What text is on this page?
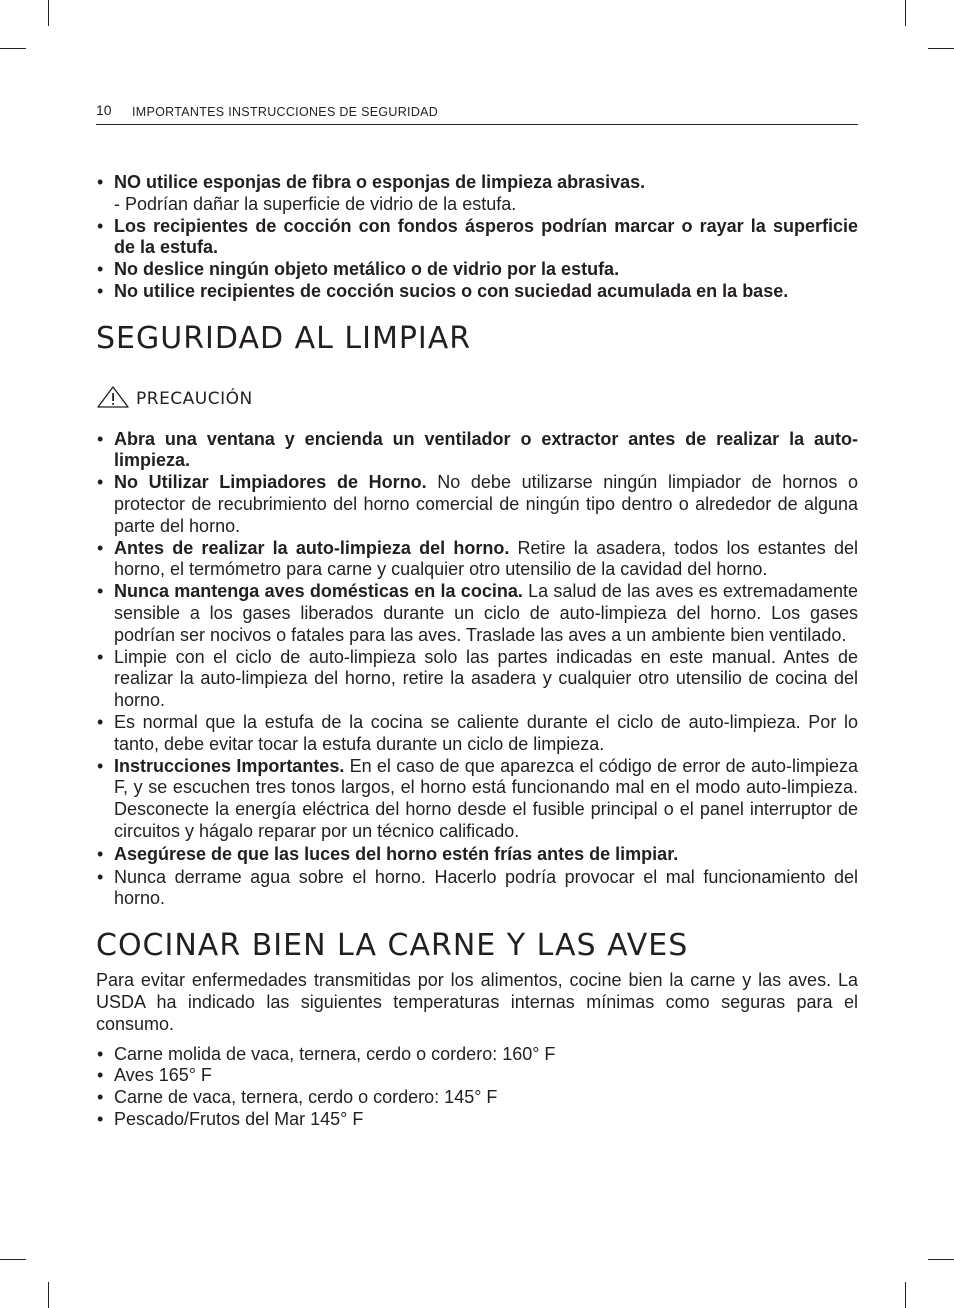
10 IMPORTANTES INSTRUCCIONES DE SEGURIDAD
• NO utilice esponjas de fibra o esponjas de limpieza abrasivas.
- Podrían dañar la superficie de vidrio de la estufa.
• Los recipientes de cocción con fondos ásperos podrían marcar o rayar la superficie de la estufa.
• No deslice ningún objeto metálico o de vidrio por la estufa.
• No utilice recipientes de cocción sucios o con suciedad acumulada en la base.
SEGURIDAD AL LIMPIAR
PRECAUCIÓN
• Abra una ventana y encienda un ventilador o extractor antes de realizar la auto-limpieza.
• No Utilizar Limpiadores de Horno. No debe utilizarse ningún limpiador de hornos o protector de recubrimiento del horno comercial de ningún tipo dentro o alrededor de alguna parte del horno.
• Antes de realizar la auto-limpieza del horno. Retire la asadera, todos los estantes del horno, el termómetro para carne y cualquier otro utensilio de la cavidad del horno.
• Nunca mantenga aves domésticas en la cocina. La salud de las aves es extremadamente sensible a los gases liberados durante un ciclo de auto-limpieza del horno. Los gases podrían ser nocivos o fatales para las aves. Traslade las aves a un ambiente bien ventilado.
• Limpie con el ciclo de auto-limpieza solo las partes indicadas en este manual. Antes de realizar la auto-limpieza del horno, retire la asadera y cualquier otro utensilio de cocina del horno.
• Es normal que la estufa de la cocina se caliente durante el ciclo de auto-limpieza. Por lo tanto, debe evitar tocar la estufa durante un ciclo de limpieza.
• Instrucciones Importantes. En el caso de que aparezca el código de error de auto-limpieza F, y se escuchen tres tonos largos, el horno está funcionando mal en el modo auto-limpieza. Desconecte la energía eléctrica del horno desde el fusible principal o el panel interruptor de circuitos y hágalo reparar por un técnico calificado.
• Asegúrese de que las luces del horno estén frías antes de limpiar.
• Nunca derrame agua sobre el horno. Hacerlo podría provocar el mal funcionamiento del horno.
COCINAR BIEN LA CARNE Y LAS AVES

Para evitar enfermedades transmitidas por los alimentos, cocine bien la carne y las aves. La USDA ha indicado las siguientes temperaturas internas mínimas como seguras para el consumo.

• Carne molida de vaca, ternera, cerdo o cordero: 160° F
• Aves 165° F
• Carne de vaca, ternera, cerdo o cordero: 145° F
• Pescado/Frutos del Mar 145° F
